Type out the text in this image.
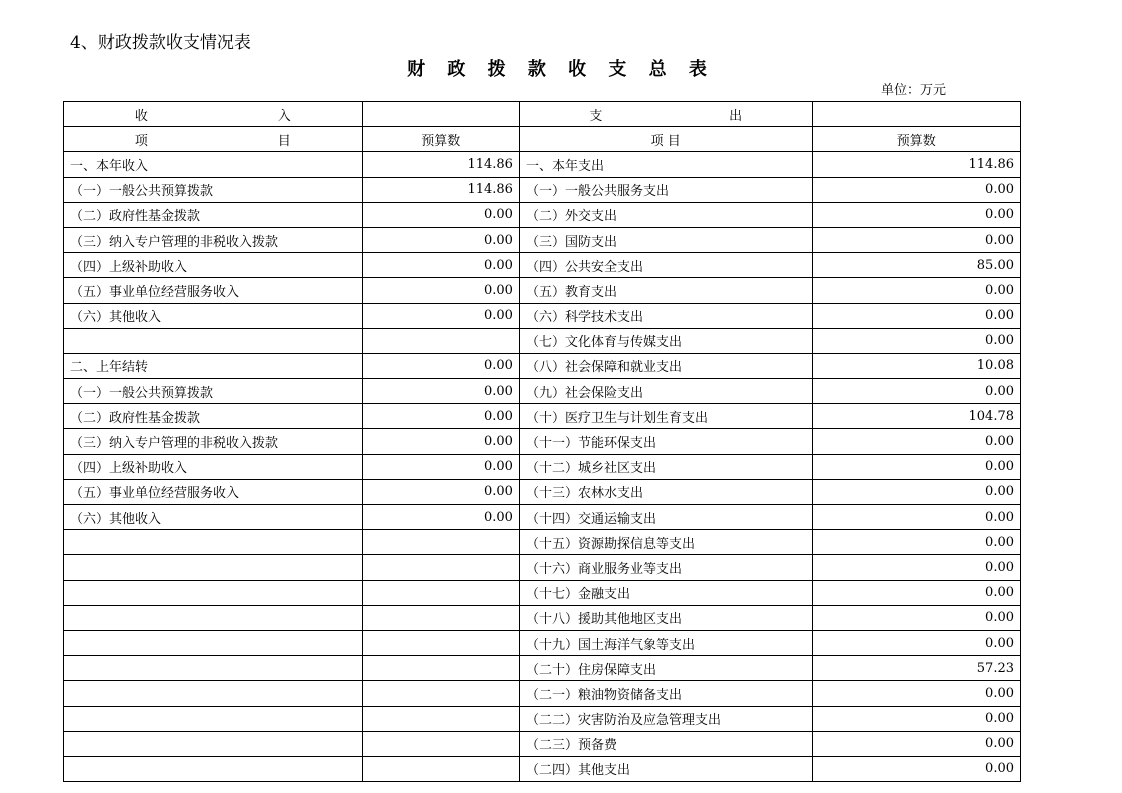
4、财政拨款收支情况表
财 政 拨 款 收 支 总 表
单位：万元
收 入		支 出	

项 目	预算数	项 目	预算数
一、本年收入	114.86	一、本年支出	114.86
（一）一般公共预算拨款	114.86	（一）一般公共服务支出	0.00
（二）政府性基金拨款	0.00	（二）外交支出	0.00
（三）纳入专户管理的非税收入拨款	0.00	（三）国防支出	0.00
（四）上级补助收入	0.00	（四）公共安全支出	85.00
（五）事业单位经营服务收入	0.00	（五）教育支出	0.00
（六）其他收入	0.00	（六）科学技术支出	0.00
		（七）文化体育与传媒支出	0.00
二、上年结转	0.00	（八）社会保障和就业支出	10.08
（一）一般公共预算拨款	0.00	（九）社会保险支出	0.00
（二）政府性基金拨款	0.00	（十）医疗卫生与计划生育支出	104.78
（三）纳入专户管理的非税收入拨款	0.00	（十一）节能环保支出	0.00
（四）上级补助收入	0.00	（十二）城乡社区支出	0.00
（五）事业单位经营服务收入	0.00	（十三）农林水支出	0.00
（六）其他收入	0.00	（十四）交通运输支出	0.00
		（十五）资源勘探信息等支出	0.00
		（十六）商业服务业等支出	0.00
		（十七）金融支出	0.00
		（十八）援助其他地区支出	0.00
		（十九）国土海洋气象等支出	0.00
		（二十）住房保障支出	57.23
		（二一）粮油物资储备支出	0.00
		（二二）灾害防治及应急管理支出	0.00
		（二三）预备费	0.00
		（二四）其他支出	0.00
